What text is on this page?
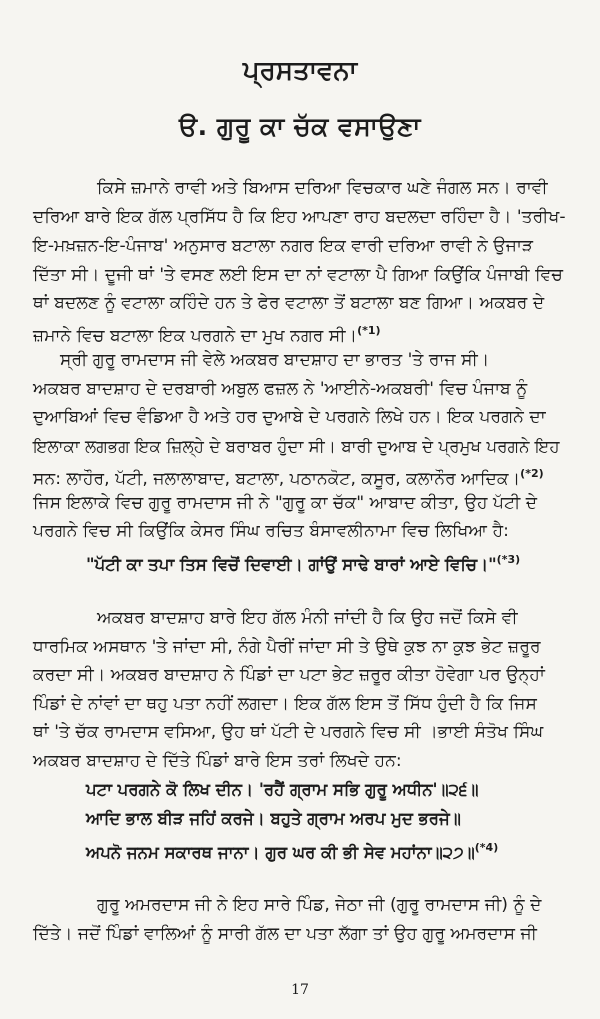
ਪ੍ਰਸਤਾਵਨਾ
ੳ. ਗੁਰੂ ਕਾ ਚੱਕ ਵਸਾਉਣਾ
ਕਿਸੇ ਜ਼ਮਾਨੇ ਰਾਵੀ ਅਤੇ ਬਿਆਸ ਦਰਿਆ ਵਿਚਕਾਰ ਘਣੇ ਜੰਗਲ ਸਨ। ਰਾਵੀ
ਦਰਿਆ ਬਾਰੇ ਇਕ ਗੱਲ ਪ੍ਰਸਿੱਧ ਹੈ ਕਿ ਇਹ ਆਪਣਾ ਰਾਹ ਬਦਲਦਾ ਰਹਿੰਦਾ ਹੈ। 'ਤਰੀਖ-
ਇ-ਮਖ਼ਜ਼ਨ-ਇ-ਪੰਜਾਬ' ਅਨੁਸਾਰ ਬਟਾਲਾ ਨਗਰ ਇਕ ਵਾਰੀ ਦਰਿਆ ਰਾਵੀ ਨੇ ਉਜਾੜ
ਦਿੱਤਾ ਸੀ। ਦੂਜੀ ਥਾਂ 'ਤੇ ਵਸਣ ਲਈ ਇਸ ਦਾ ਨਾਂ ਵਟਾਲਾ ਪੈ ਗਿਆ ਕਿਉਂਕਿ ਪੰਜਾਬੀ ਵਿਚ
ਥਾਂ ਬਦਲਣ ਨੂੰ ਵਟਾਲਾ ਕਹਿੰਦੇ ਹਨ ਤੇ ਫੇਰ ਵਟਾਲਾ ਤੋਂ ਬਟਾਲਾ ਬਣ ਗਿਆ। ਅਕਬਰ ਦੇ
ਜ਼ਮਾਨੇ ਵਿਚ ਬਟਾਲਾ ਇਕ ਪਰਗਨੇ ਦਾ ਮੁਖ ਨਗਰ ਸੀ।$^{(*1)}$
ਸ੍ਰੀ ਗੁਰੂ ਰਾਮਦਾਸ ਜੀ ਵੇਲੇ ਅਕਬਰ ਬਾਦਸ਼ਾਹ ਦਾ ਭਾਰਤ 'ਤੇ ਰਾਜ ਸੀ।
ਅਕਬਰ ਬਾਦਸ਼ਾਹ ਦੇ ਦਰਬਾਰੀ ਅਬੁਲ ਫਜ਼ਲ ਨੇ 'ਆਈਨੇ-ਅਕਬਰੀ' ਵਿਚ ਪੰਜਾਬ ਨੂੰ
ਦੁਆਬਿਆਂ ਵਿਚ ਵੰਡਿਆ ਹੈ ਅਤੇ ਹਰ ਦੁਆਬੇ ਦੇ ਪਰਗਨੇ ਲਿਖੇ ਹਨ। ਇਕ ਪਰਗਨੇ ਦਾ
ਇਲਾਕਾ ਲਗਭਗ ਇਕ ਜ਼ਿਲ੍ਹੇ ਦੇ ਬਰਾਬਰ ਹੁੰਦਾ ਸੀ। ਬਾਰੀ ਦੁਆਬ ਦੇ ਪ੍ਰਮੁਖ ਪਰਗਨੇ ਇਹ
ਸਨ: ਲਾਹੌਰ, ਪੱਟੀ, ਜਲਾਲਾਬਾਦ, ਬਟਾਲਾ, ਪਠਾਨਕੋਟ, ਕਸੂਰ, ਕਲਾਨੌਰ ਆਦਿਕ।$^{(*2)}$
ਜਿਸ ਇਲਾਕੇ ਵਿਚ ਗੁਰੂ ਰਾਮਦਾਸ ਜੀ ਨੇ "ਗੁਰੂ ਕਾ ਚੱਕ" ਆਬਾਦ ਕੀਤਾ, ਉਹ ਪੱਟੀ ਦੇ
ਪਰਗਨੇ ਵਿਚ ਸੀ ਕਿਉਂਕਿ ਕੇਸਰ ਸਿੰਘ ਰਚਿਤ ਬੰਸਾਵਲੀਨਾਮਾ ਵਿਚ ਲਿਖਿਆ ਹੈ:
"ਪੱਟੀ ਕਾ ਤਪਾ ਤਿਸ ਵਿਚੋਂ ਦਿਵਾਈ। ਗਾਂਉਂ ਸਾਢੇ ਬਾਰਾਂ ਆਏ ਵਿਚਿ।"$^{(*3)}$
ਅਕਬਰ ਬਾਦਸ਼ਾਹ ਬਾਰੇ ਇਹ ਗੱਲ ਮੰਨੀ ਜਾਂਦੀ ਹੈ ਕਿ ਉਹ ਜਦੋਂ ਕਿਸੇ ਵੀ
ਧਾਰਮਿਕ ਅਸਥਾਨ 'ਤੇ ਜਾਂਦਾ ਸੀ, ਨੰਗੇ ਪੈਰੀਂ ਜਾਂਦਾ ਸੀ ਤੇ ਉਥੇ ਕੁਝ ਨਾ ਕੁਝ ਭੇਟ ਜ਼ਰੂਰ
ਕਰਦਾ ਸੀ। ਅਕਬਰ ਬਾਦਸ਼ਾਹ ਨੇ ਪਿੰਡਾਂ ਦਾ ਪਟਾ ਭੇਟ ਜ਼ਰੂਰ ਕੀਤਾ ਹੋਵੇਗਾ ਪਰ ਉਨ੍ਹਾਂ
ਪਿੰਡਾਂ ਦੇ ਨਾਂਵਾਂ ਦਾ ਥਹੁ ਪਤਾ ਨਹੀਂ ਲਗਦਾ। ਇਕ ਗੱਲ ਇਸ ਤੋਂ ਸਿੱਧ ਹੁੰਦੀ ਹੈ ਕਿ ਜਿਸ
ਥਾਂ 'ਤੇ ਚੱਕ ਰਾਮਦਾਸ ਵਸਿਆ, ਉਹ ਥਾਂ ਪੱਟੀ ਦੇ ਪਰਗਨੇ ਵਿਚ ਸੀ ।ਭਾਈ ਸੰਤੋਖ ਸਿੰਘ
ਅਕਬਰ ਬਾਦਸ਼ਾਹ ਦੇ ਦਿੱਤੇ ਪਿੰਡਾਂ ਬਾਰੇ ਇਸ ਤਰਾਂ ਲਿਖਦੇ ਹਨ:
ਪਟਾ ਪਰਗਨੇ ਕੋ ਲਿਖ ਦੀਨ। 'ਰਹੈਂ ਗ੍ਰਾਮ ਸਭਿ ਗੁਰੂ ਅਧੀਨ'॥੨੬॥
ਆਦਿ ਭਾਲ ਬੀੜ ਜਹਿਂ ਕਰਜੇ। ਬਹੁਤੇ ਗ੍ਰਾਮ ਅਰਪ ਮੁਦ ਭਰਜੇ॥
ਅਪਨੋ ਜਨਮ ਸਕਾਰਥ ਜਾਨਾ। ਗੁਰ ਘਰ ਕੀ ਭੀ ਸੇਵ ਮਹਾਂਨਾ॥੨੭॥$^{(*4)}$
ਗੁਰੂ ਅਮਰਦਾਸ ਜੀ ਨੇ ਇਹ ਸਾਰੇ ਪਿੰਡ, ਜੇਠਾ ਜੀ (ਗੁਰੂ ਰਾਮਦਾਸ ਜੀ) ਨੂੰ ਦੇ
ਦਿੱਤੇ। ਜਦੋਂ ਪਿੰਡਾਂ ਵਾਲਿਆਂ ਨੂੰ ਸਾਰੀ ਗੱਲ ਦਾ ਪਤਾ ਲੱਗਾ ਤਾਂ ਉਹ ਗੁਰੂ ਅਮਰਦਾਸ ਜੀ
17
